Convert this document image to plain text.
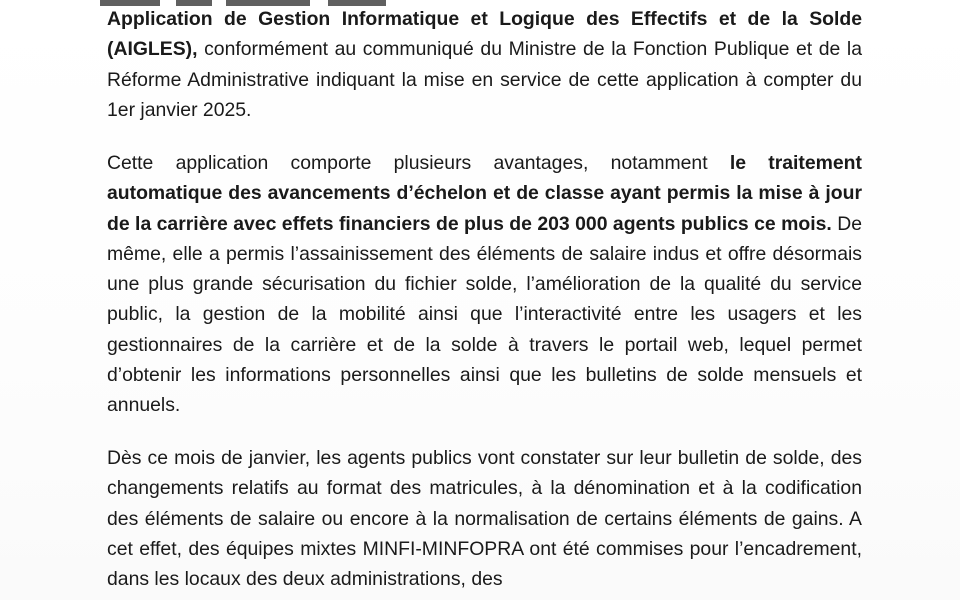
Application de Gestion Informatique et Logique des Effectifs et de la Solde (AIGLES), conformément au communiqué du Ministre de la Fonction Publique et de la Réforme Administrative indiquant la mise en service de cette application à compter du 1er janvier 2025.

Cette application comporte plusieurs avantages, notamment le traitement automatique des avancements d’échelon et de classe ayant permis la mise à jour de la carrière avec effets financiers de plus de 203 000 agents publics ce mois. De même, elle a permis l’assainissement des éléments de salaire indus et offre désormais une plus grande sécurisation du fichier solde, l’amélioration de la qualité du service public, la gestion de la mobilité ainsi que l’interactivité entre les usagers et les gestionnaires de la carrière et de la solde à travers le portail web, lequel permet d’obtenir les informations personnelles ainsi que les bulletins de solde mensuels et annuels.

Dès ce mois de janvier, les agents publics vont constater sur leur bulletin de solde, des changements relatifs au format des matricules, à la dénomination et à la codification des éléments de salaire ou encore à la normalisation de certains éléments de gains. A cet effet, des équipes mixtes MINFI-MINFOPRA ont été commises pour l’encadrement, dans les locaux des deux administrations, des
